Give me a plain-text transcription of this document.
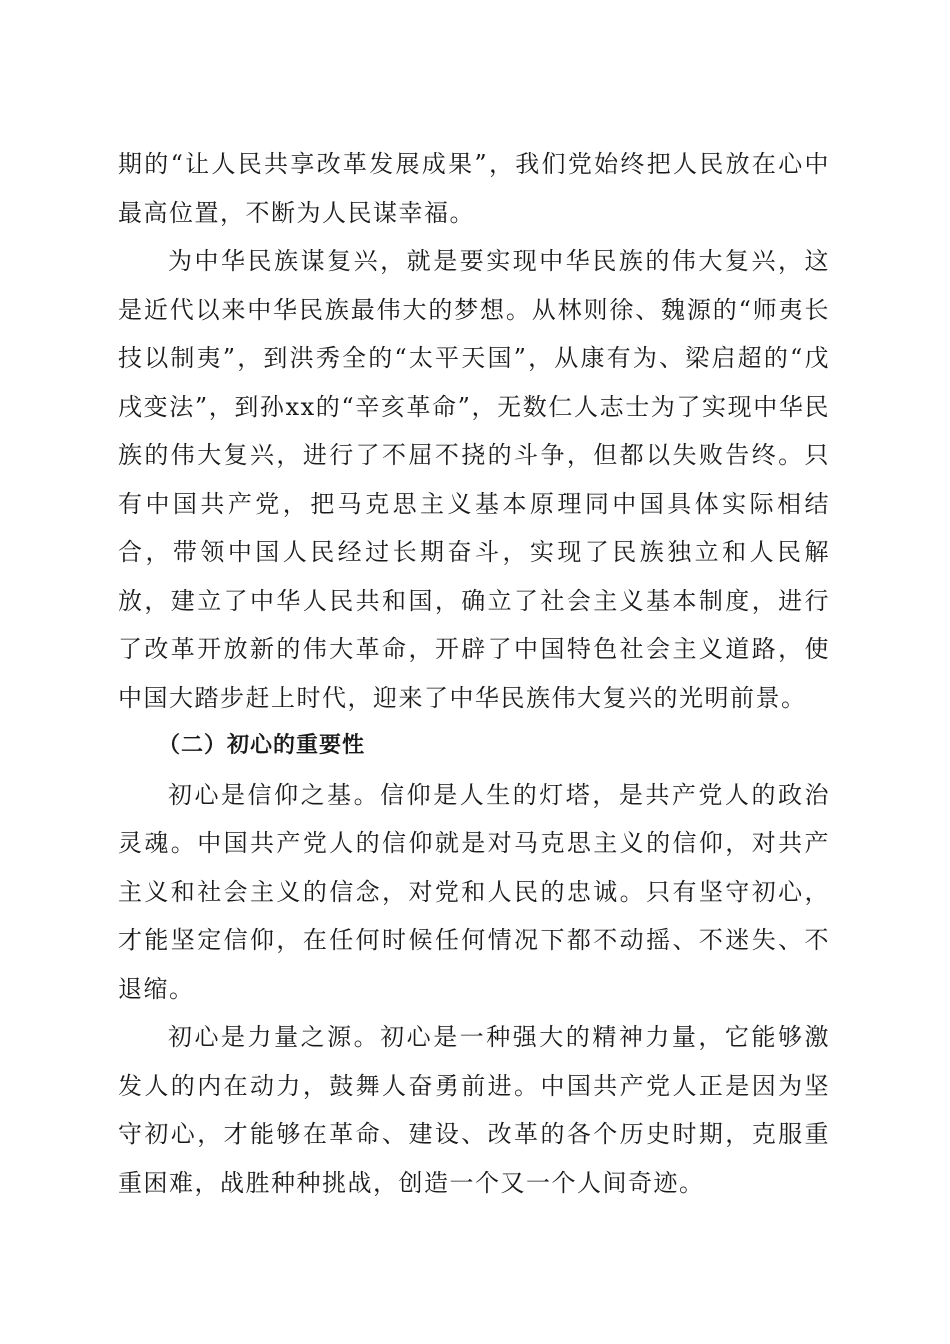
期的“让人民共享改革发展成果”，我们党始终把人民放在心中最高位置，不断为人民谋幸福。

为中华民族谋复兴，就是要实现中华民族的伟大复兴，这是近代以来中华民族最伟大的梦想。从林则徐、魏源的“师夷长技以制夷”，到洪秀全的“太平天国”，从康有为、梁启超的“戊戌变法”，到孙xx的“辛亥革命”，无数仁人志士为了实现中华民族的伟大复兴，进行了不屈不挠的斗争，但都以失败告终。只有中国共产党，把马克思主义基本原理同中国具体实际相结合，带领中国人民经过长期奋斗，实现了民族独立和人民解放，建立了中华人民共和国，确立了社会主义基本制度，进行了改革开放新的伟大革命，开辟了中国特色社会主义道路，使中国大踏步赶上时代，迎来了中华民族伟大复兴的光明前景。

（二）初心的重要性

初心是信仰之基。信仰是人生的灯塔，是共产党人的政治灵魂。中国共产党人的信仰就是对马克思主义的信仰，对共产主义和社会主义的信念，对党和人民的忠诚。只有坚守初心，才能坚定信仰，在任何时候任何情况下都不动摇、不迷失、不退缩。

初心是力量之源。初心是一种强大的精神力量，它能够激发人的内在动力，鼓舞人奋勇前进。中国共产党人正是因为坚守初心，才能够在革命、建设、改革的各个历史时期，克服重重困难，战胜种种挑战，创造一个又一个人间奇迹。
